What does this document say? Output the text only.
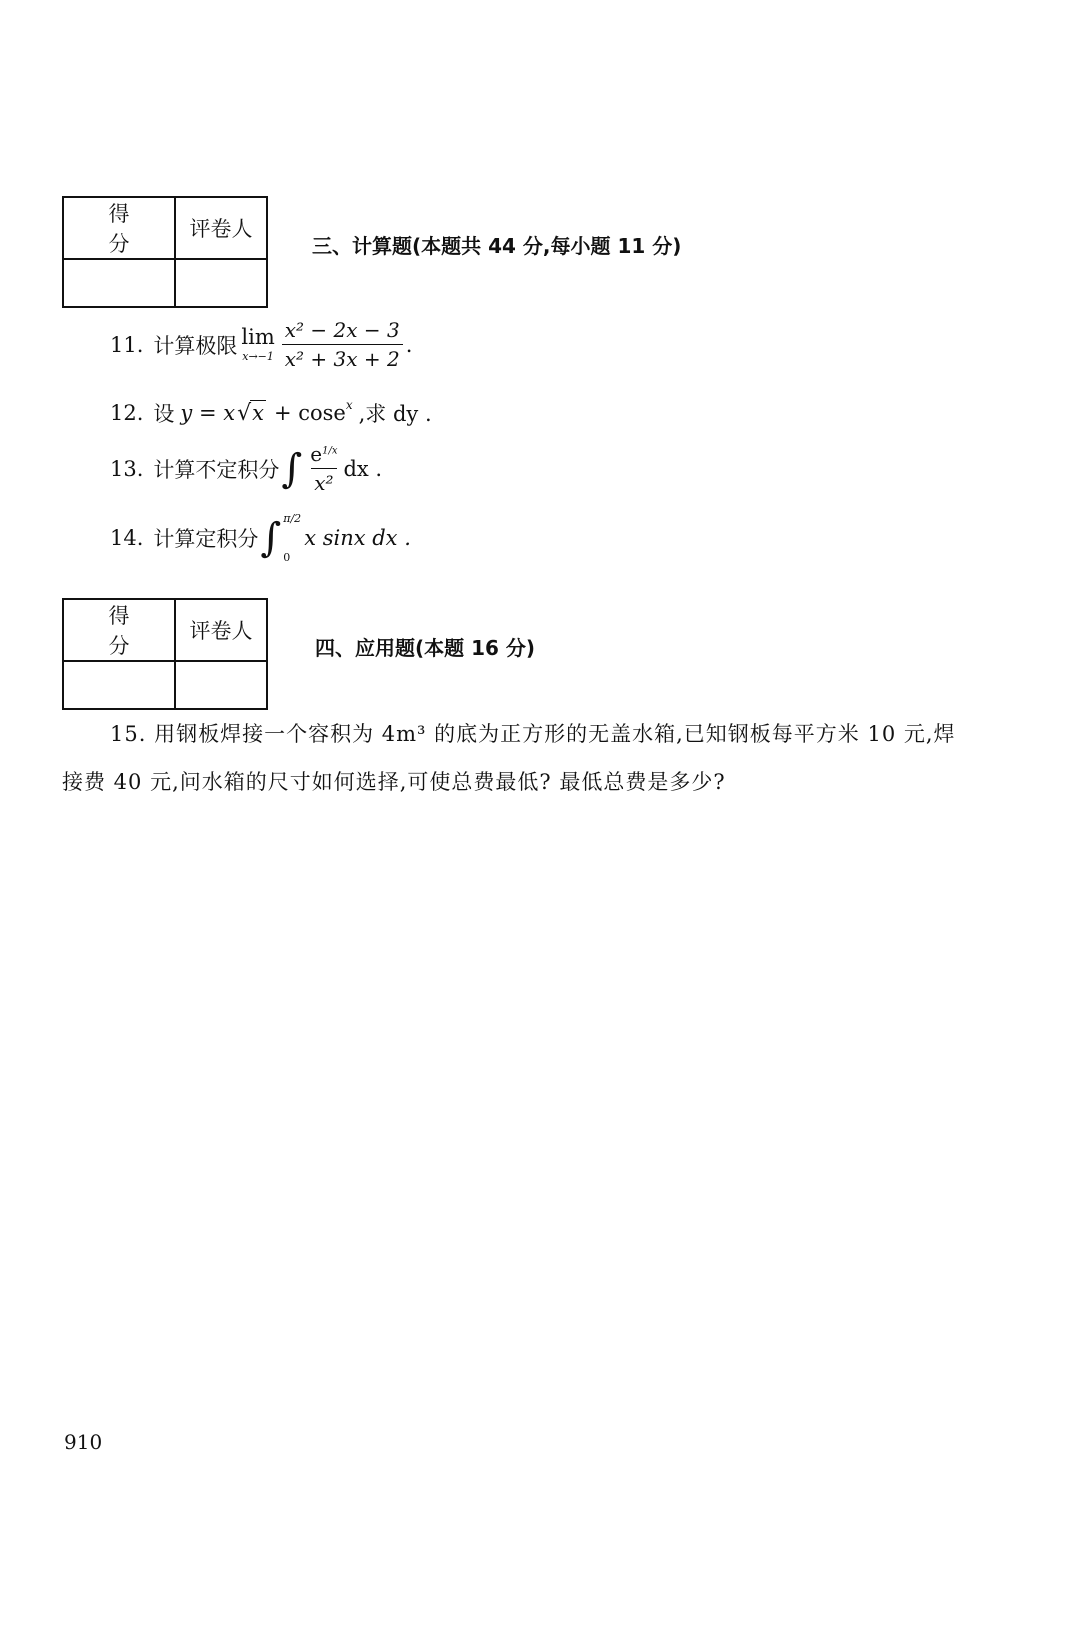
得 分	评卷人

三、计算题(本题共 44 分,每小题 11 分)
11. 计算极限 lim
$x\to-1 \frac{\text{x² − 2x − 3}}{\text{x² + 3x + 2}}$ .
12. 设 y = x √x + cose$^x$ ,求 dy .
13. 计算不定积分 ∫ $\frac{e^{1/x}}{\text{x²}}$ dx .
14. 计算定积分 ∫ π/2
0
x sinx dx .
得 分	评卷人

四、应用题(本题 16 分)
15. 用钢板焊接一个容积为 4m³ 的底为正方形的无盖水箱,已知钢板每平方米 10 元,焊
接费 40 元,问水箱的尺寸如何选择,可使总费最低? 最低总费是多少?
910
